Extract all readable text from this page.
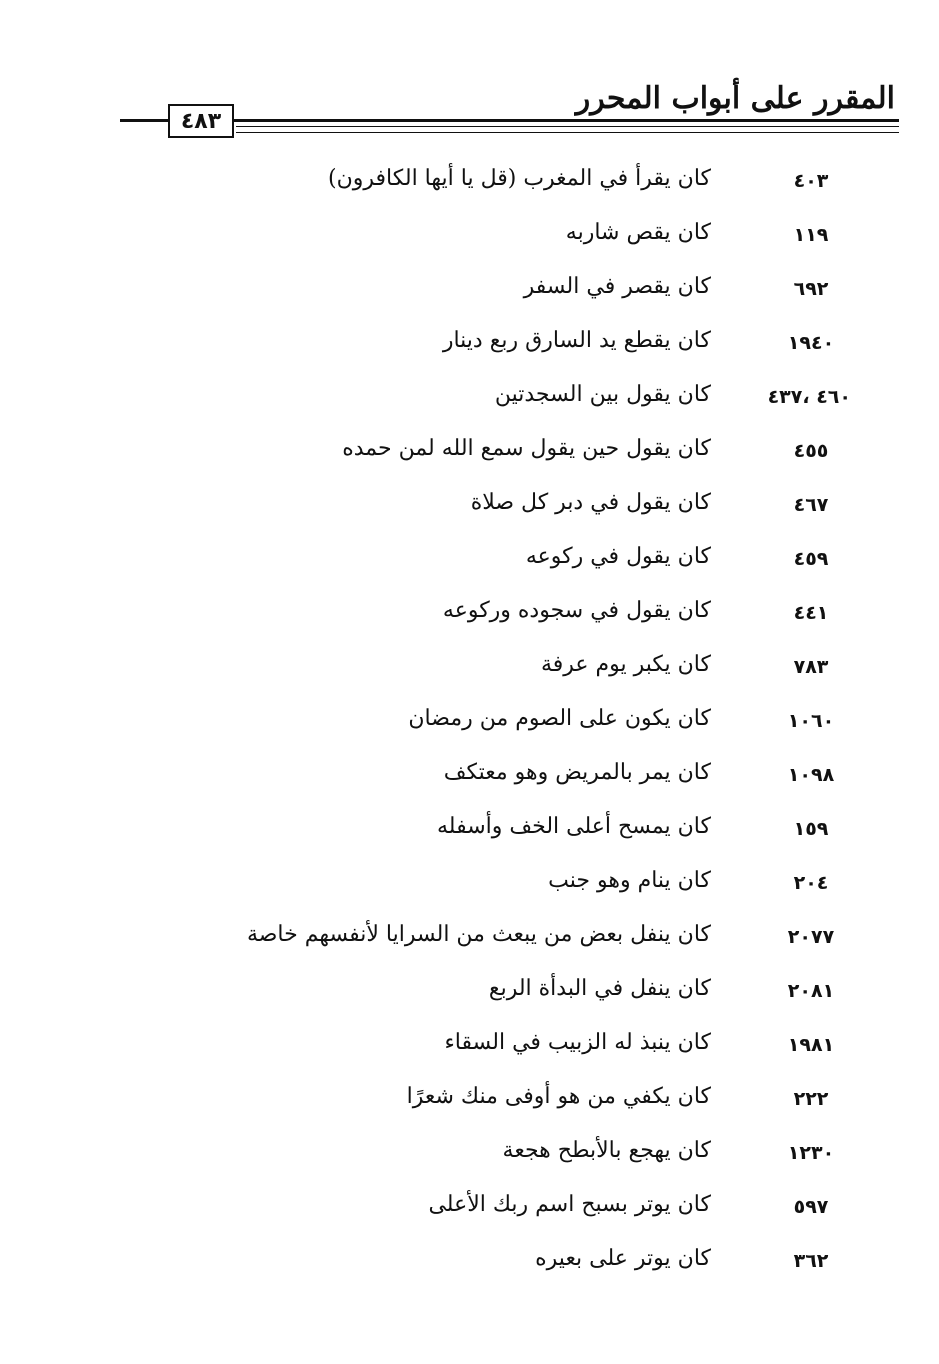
المقرر على أبواب المحرر
٤٨٣
٤٠٣
كان يقرأ في المغرب (قل يا أيها الكافرون)
١١٩
كان يقص شاربه
٦٩٢
كان يقصر في السفر
١٩٤٠
كان يقطع يد السارق ربع دينار
٤٦٠ ،٤٣٧
كان يقول بين السجدتين
٤٥٥
كان يقول حين يقول سمع الله لمن حمده
٤٦٧
كان يقول في دبر كل صلاة
٤٥٩
كان يقول في ركوعه
٤٤١
كان يقول في سجوده وركوعه
٧٨٣
كان يكبر يوم عرفة
١٠٦٠
كان يكون على الصوم من رمضان
١٠٩٨
كان يمر بالمريض وهو معتكف
١٥٩
كان يمسح أعلى الخف وأسفله
٢٠٤
كان ينام وهو جنب
٢٠٧٧
كان ينفل بعض من يبعث من السرايا لأنفسهم خاصة
٢٠٨١
كان ينفل في البدأة الربع
١٩٨١
كان ينبذ له الزبيب في السقاء
٢٢٢
كان يكفي من هو أوفى منك شعرًا
١٢٣٠
كان يهجع بالأبطح هجعة
٥٩٧
كان يوتر بسبح اسم ربك الأعلى
٣٦٢
كان يوتر على بعيره
